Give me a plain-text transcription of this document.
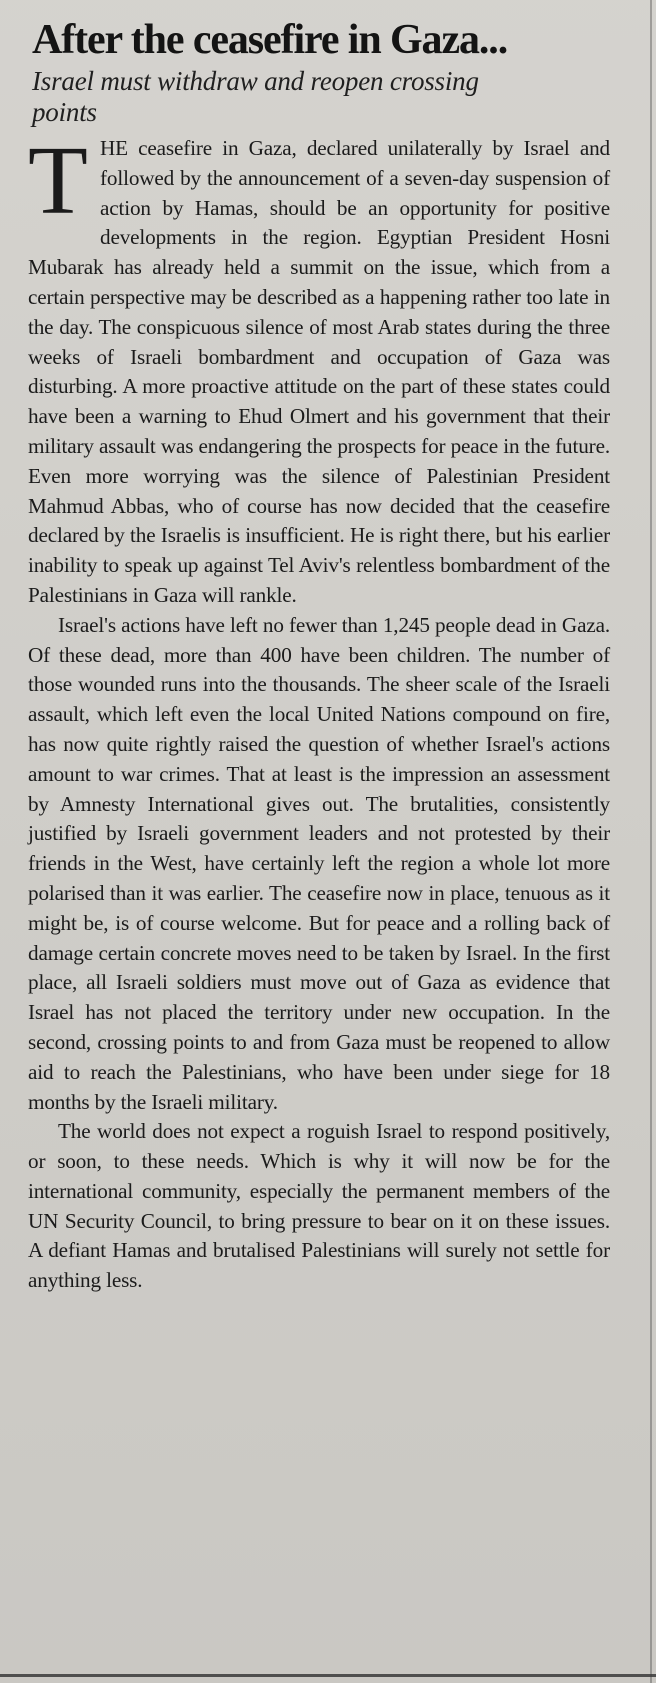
After the ceasefire in Gaza...
Israel must withdraw and reopen crossing points

THE ceasefire in Gaza, declared unilaterally by Israel and followed by the announcement of a seven-day suspension of action by Hamas, should be an opportunity for positive developments in the region. Egyptian President Hosni Mubarak has already held a summit on the issue, which from a certain perspective may be described as a happening rather too late in the day. The conspicuous silence of most Arab states during the three weeks of Israeli bombardment and occupation of Gaza was disturbing. A more proactive attitude on the part of these states could have been a warning to Ehud Olmert and his government that their military assault was endangering the prospects for peace in the future. Even more worrying was the silence of Palestinian President Mahmud Abbas, who of course has now decided that the ceasefire declared by the Israelis is insufficient. He is right there, but his earlier inability to speak up against Tel Aviv's relentless bombardment of the Palestinians in Gaza will rankle.

Israel's actions have left no fewer than 1,245 people dead in Gaza. Of these dead, more than 400 have been children. The number of those wounded runs into the thousands. The sheer scale of the Israeli assault, which left even the local United Nations compound on fire, has now quite rightly raised the question of whether Israel's actions amount to war crimes. That at least is the impression an assessment by Amnesty International gives out. The brutalities, consistently justified by Israeli government leaders and not protested by their friends in the West, have certainly left the region a whole lot more polarised than it was earlier. The ceasefire now in place, tenuous as it might be, is of course welcome. But for peace and a rolling back of damage certain concrete moves need to be taken by Israel. In the first place, all Israeli soldiers must move out of Gaza as evidence that Israel has not placed the territory under new occupation. In the second, crossing points to and from Gaza must be reopened to allow aid to reach the Palestinians, who have been under siege for 18 months by the Israeli military.

The world does not expect a roguish Israel to respond positively, or soon, to these needs. Which is why it will now be for the international community, especially the permanent members of the UN Security Council, to bring pressure to bear on it on these issues. A defiant Hamas and brutalised Palestinians will surely not settle for anything less.
